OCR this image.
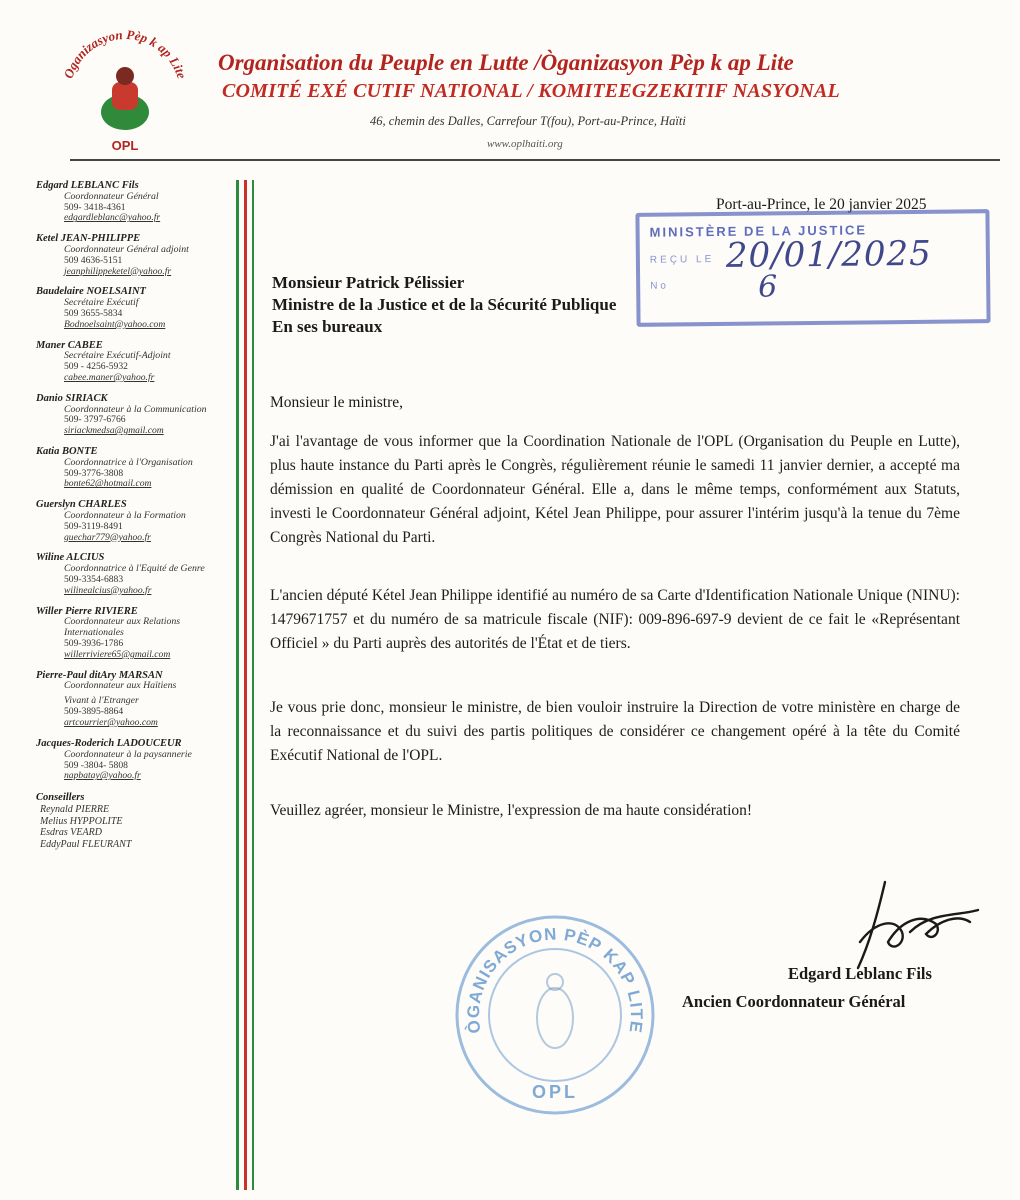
Oganizasyon Pèp k ap Lite
OPL
Organisation du Peuple en Lutte /Òganizasyon Pèp k ap Lite
COMITÉ EXÉ CUTIF NATIONAL / KOMITEEGZEKITIF NASYONAL
46, chemin des Dalles, Carrefour T(fou), Port-au-Prince, Haïti
www.oplhaiti.org
Edgard LEBLANC Fils
Coordonnateur Général
509- 3418-4361
edgardleblanc@yahoo.fr
Ketel JEAN-PHILIPPE
Coordonnateur Général adjoint
509 4636-5151
jeanphilippeketel@yahoo.fr
Baudelaire NOELSAINT
Secrétaire Exécutif
509 3655-5834
Bodnoelsaint@yahoo.com
Maner CABEE
Secrétaire Exécutif-Adjoint
509 - 4256-5932
cabee.maner@yahoo.fr
Danio SIRIACK
Coordonnateur à la Communication
509- 3797-6766
siriackmedsa@gmail.com
Katia BONTE
Coordonnatrice à l'Organisation
509-3776-3808
bonte62@hotmail.com
Guerslyn CHARLES
Coordonnateur à la Formation
509-3119-8491
guechar779@yahoo.fr
Wiline ALCIUS
Coordonnatrice à l'Equité de Genre
509-3354-6883
wilinealcius@yahoo.fr
Willer Pierre RIVIERE
Coordonnateur aux Relations Internationales
509-3936-1786
willerriviere65@gmail.com
Pierre-Paul ditAry MARSAN
Coordonnateur aux Haïtiens
Vivant à l'Etranger
509-3895-8864
artcourrier@yahoo.com
Jacques-Roderich LADOUCEUR
Coordonnateur à la paysannerie
509 -3804- 5808
napbatay@yahoo.fr
Conseillers
Reynald PIERRE
Melius HYPPOLITE
Esdras VEARD
EddyPaul FLEURANT
Port-au-Prince, le 20 janvier 2025
MINISTÈRE DE LA JUSTICE
REÇU LE
No
20/01/2025
6
Monsieur Patrick Pélissier
Ministre de la Justice et de la Sécurité Publique
En ses bureaux
Monsieur le ministre,
J'ai l'avantage de vous informer que la Coordination Nationale de l'OPL (Organisation du Peuple en Lutte), plus haute instance du Parti après le Congrès, régulièrement réunie le samedi 11 janvier dernier, a accepté ma démission en qualité de Coordonnateur Général. Elle a, dans le même temps, conformément aux Statuts, investi le Coordonnateur Général adjoint, Kétel Jean Philippe, pour assurer l'intérim jusqu'à la tenue du 7ème Congrès National du Parti.
L'ancien député Kétel Jean Philippe identifié au numéro de sa Carte d'Identification Nationale Unique (NINU): 1479671757 et du numéro de sa matricule fiscale (NIF): 009-896-697-9 devient de ce fait le «Représentant Officiel » du Parti auprès des autorités de l'État et de tiers.
Je vous prie donc, monsieur le ministre, de bien vouloir instruire la Direction de votre ministère en charge de la reconnaissance et du suivi des partis politiques de considérer ce changement opéré à la tête du Comité Exécutif National de l'OPL.
Veuillez agréer, monsieur le Ministre, l'expression de ma haute considération!
ÒGANISASYON PÈP KAP LITE
OPL
Edgard Leblanc Fils
Ancien Coordonnateur Général
